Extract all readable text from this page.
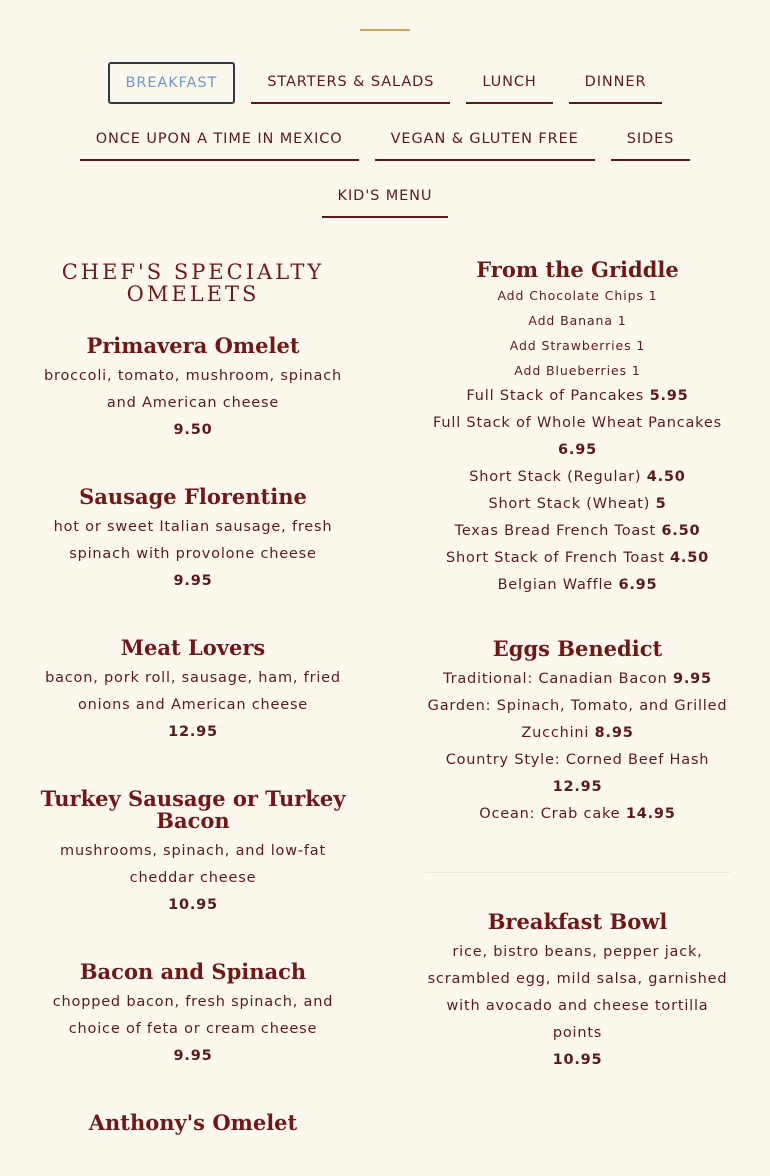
BREAKFAST	STARTERS & SALADS	LUNCH	DINNER
ONCE UPON A TIME IN MEXICO	VEGAN & GLUTEN FREE	SIDES
KID'S MENU
CHEF'S SPECIALTY OMELETS
Primavera Omelet
broccoli, tomato, mushroom, spinach and American cheese
9.50
Sausage Florentine
hot or sweet Italian sausage, fresh spinach with provolone cheese
9.95
Meat Lovers
bacon, pork roll, sausage, ham, fried onions and American cheese
12.95
Turkey Sausage or Turkey Bacon
mushrooms, spinach, and low-fat cheddar cheese
10.95
Bacon and Spinach
chopped bacon, fresh spinach, and choice of feta or cream cheese
9.95
Anthony's Omelet
From the Griddle
Add Chocolate Chips 1
Add Banana 1
Add Strawberries 1
Add Blueberries 1
Full Stack of Pancakes 5.95
Full Stack of Whole Wheat Pancakes 6.95
Short Stack (Regular) 4.50
Short Stack (Wheat) 5
Texas Bread French Toast 6.50
Short Stack of French Toast 4.50
Belgian Waffle 6.95
Eggs Benedict
Traditional: Canadian Bacon 9.95
Garden: Spinach, Tomato, and Grilled Zucchini 8.95
Country Style: Corned Beef Hash 12.95
Ocean: Crab cake 14.95
Breakfast Bowl
rice, bistro beans, pepper jack, scrambled egg, mild salsa, garnished with avocado and cheese tortilla points
10.95
